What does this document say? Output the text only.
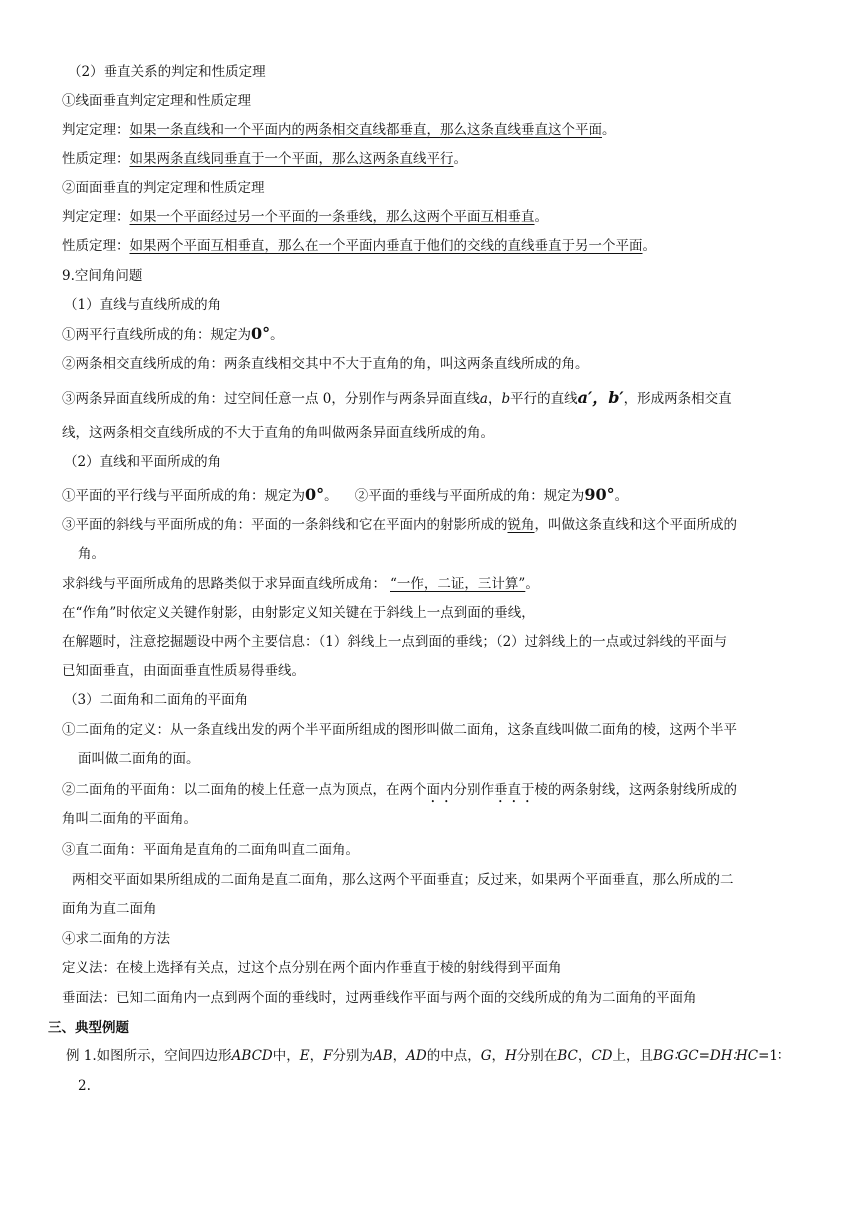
（2）垂直关系的判定和性质定理
①线面垂直判定定理和性质定理
判定定理：如果一条直线和一个平面内的两条相交直线都垂直，那么这条直线垂直这个平面。
性质定理：如果两条直线同垂直于一个平面，那么这两条直线平行。
②面面垂直的判定定理和性质定理
判定定理：如果一个平面经过另一个平面的一条垂线，那么这两个平面互相垂直。
性质定理：如果两个平面互相垂直，那么在一个平面内垂直于他们的交线的直线垂直于另一个平面。
9.空间角问题
（1）直线与直线所成的角
①两平行直线所成的角：规定为0°。
②两条相交直线所成的角：两条直线相交其中不大于直角的角，叫这两条直线所成的角。
③两条异面直线所成的角：过空间任意一点 0，分别作与两条异面直线a，b平行的直线a′，b′，形成两条相交直
线，这两条相交直线所成的不大于直角的角叫做两条异面直线所成的角。
（2）直线和平面所成的角
①平面的平行线与平面所成的角：规定为0°。    ②平面的垂线与平面所成的角：规定为90°。
③平面的斜线与平面所成的角：平面的一条斜线和它在平面内的射影所成的锐角，叫做这条直线和这个平面所成的
角。
求斜线与平面所成角的思路类似于求异面直线所成角： “一作，二证，三计算”。
在“作角”时依定义关键作射影，由射影定义知关键在于斜线上一点到面的垂线，
在解题时，注意挖掘题设中两个主要信息：（1）斜线上一点到面的垂线；（2）过斜线上的一点或过斜线的平面与
已知面垂直，由面面垂直性质易得垂线。
（3）二面角和二面角的平面角
①二面角的定义：从一条直线出发的两个半平面所组成的图形叫做二面角，这条直线叫做二面角的棱，这两个半平
面叫做二面角的面。
②二面角的平面角：以二面角的棱上任意一点为顶点，在两个面内分别作垂直于棱的两条射线，这两条射线所成的
角叫二面角的平面角。
③直二面角：平面角是直角的二面角叫直二面角。
两相交平面如果所组成的二面角是直二面角，那么这两个平面垂直；反过来，如果两个平面垂直，那么所成的二
面角为直二面角
④求二面角的方法
定义法：在棱上选择有关点，过这个点分别在两个面内作垂直于棱的射线得到平面角
垂面法：已知二面角内一点到两个面的垂线时，过两垂线作平面与两个面的交线所成的角为二面角的平面角
三、典型例题
例 1.如图所示，空间四边形ABCD中，E，F分别为AB，AD的中点，G，H分别在BC，CD上，且BG∶GC=DH∶HC=1∶
2.
